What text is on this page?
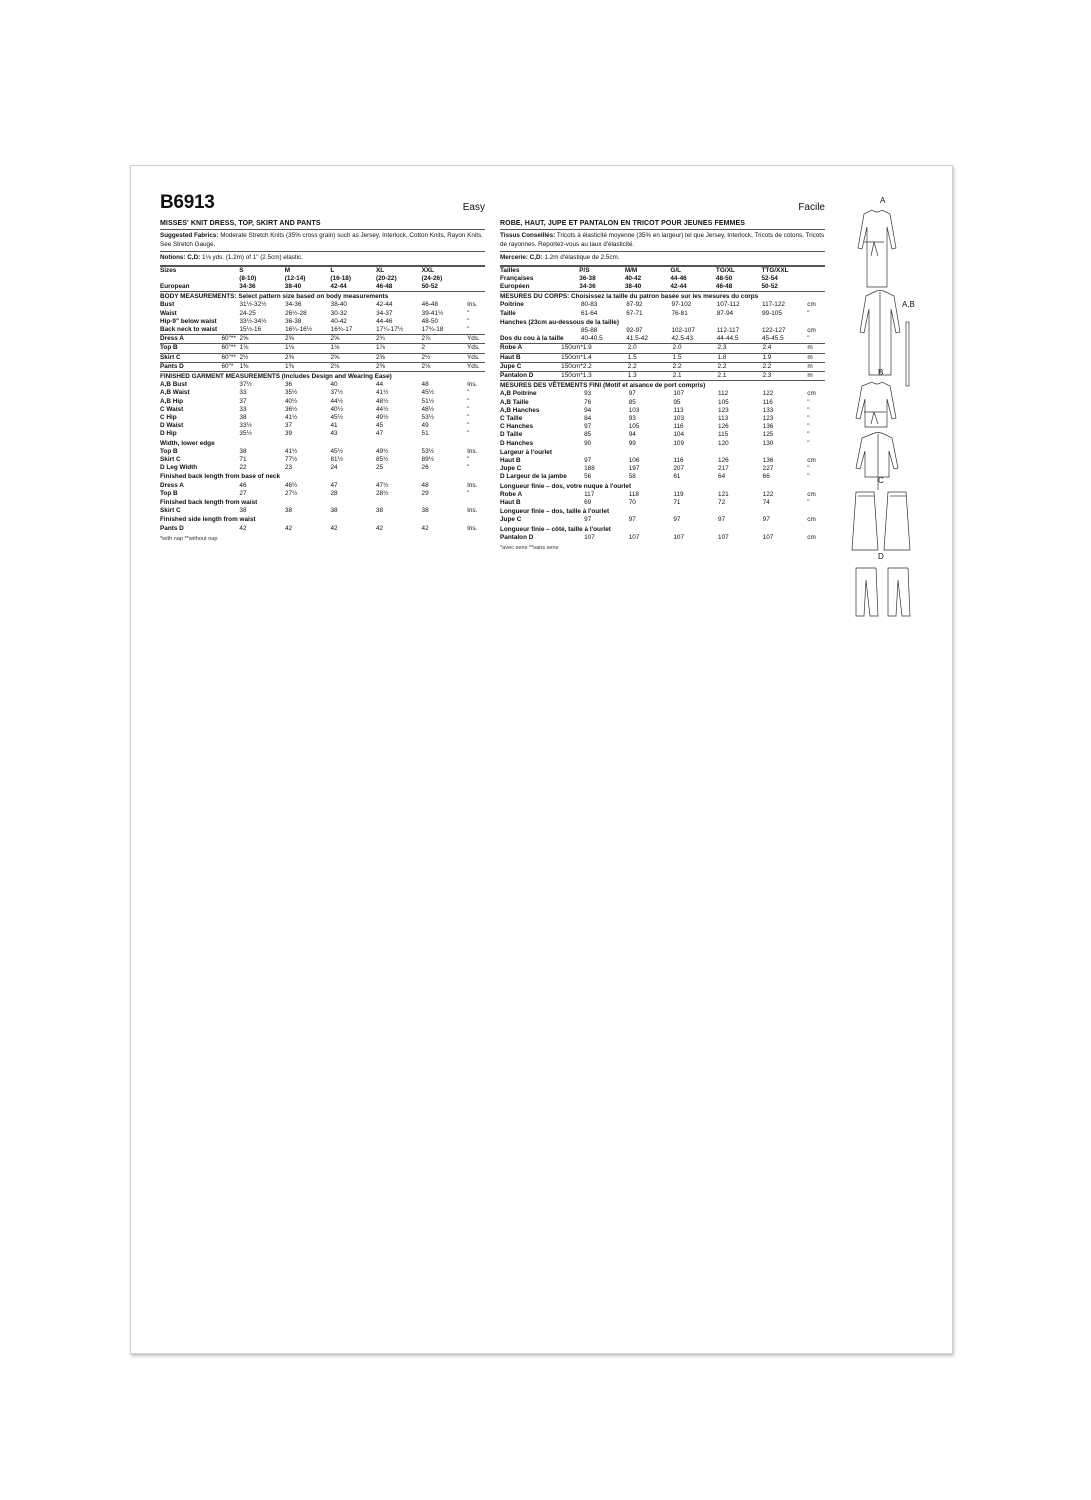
B6913	Easy
MISSES' KNIT DRESS, TOP, SKIRT AND PANTS
Suggested Fabrics: Moderate Stretch Knits (35% cross grain) such as Jersey, Interlock, Cotton Knits, Rayon Knits. See Stretch Gauge.
Notions: C,D: 1⅛ yds. (1.2m) of 1" (2.5cm) elastic.
Sizes		S	M	L	XL	XXL	
		(8-10)	(12-14)	(16-18)	(20-22)	(24-26)	
European		34-36	38-40	42-44	46-48	50-52	
BODY MEASUREMENTS: Select pattern size based on body measurements							
Bust		31½-32½	34-36	38-40	42-44	46-48	Ins.
Waist		24-25	26½-28	30-32	34-37	39-41½	"
Hip-9" below waist		33½-34½	36-38	40-42	44-46	48-50	"
Back neck to waist		15½-16	16¼-16½	16¾-17	17¼-17½	17¾-18	"
Dress A	60"**	2⅝	2⅝	2⅝	2¾	2⅞	Yds.
Top B	60"**	1⅛	1⅛	1⅛	1⅞	2	Yds.
Skirt C	60"**	2½	2⅝	2⅝	2⅝	2½	Yds.
Pants D	60"*	1⅜	1⅜	2⅛	2⅜	2⅛	Yds.
FINISHED GARMENT MEASUREMENTS (Includes Design and Wearing Ease)							
A,B Bust		37½	36	40	44	48	Ins.
A,B Waist		33	35½	37½	41½	45½	"
A,B Hip		37	40½	44½	48½	51½	"
C Waist		33	36½	40½	44½	48½	"
C Hip		38	41½	45½	49½	53½	"
D Waist		33½	37	41	45	49	"
D Hip		35½	39	43	47	51	"
Width, lower edge							
Top B		38	41½	45½	49½	53½	Ins.
Skirt C		71	77½	81½	85½	89½	"
D Leg Width		22	23	24	25	26	"
Finished back length from base of neck							
Dress A		46	46½	47	47½	48	Ins.
Top B		27	27½	28	28½	29	"
Finished back length from waist							
Skirt C		38	38	38	38	38	Ins.
Finished side length from waist							
Pants D		42	42	42	42	42	Ins.
*with nap **without nap
Facile
ROBE, HAUT, JUPE ET PANTALON EN TRICOT POUR JEUNES FEMMES
Tissus Conseillés: Tricots à élasticité moyenne (35% en largeur) tel que Jersey, Interlock, Tricots de cotons, Tricots de rayonnes. Reportez-vous au taux d'élasticité.
Mercerie: C,D: 1.2m d'élastique de 2.5cm.
Tailles		P/S	M/M	G/L	TG/XL	TTG/XXL	
Françaises		36-38	40-42	44-46	48-50	52-54	
Européen		34-36	38-40	42-44	46-48	50-52	
MESURES DU CORPS: Choisissez la taille du patron basée sur les mesures du corps							
Poitrine		80-83	87-92	97-102	107-112	117-122	cm
Taille		61-64	67-71	76-81	87-94	99-105	"
Hanches (23cm au-dessous de la taille)							
		85-88	92-97	102-107	112-117	122-127	cm
Dos du cou à la taille		40-40.5	41.5-42	42.5-43	44-44.5	45-45.5	"
Robe A	150cm*	1.9	2.0	2.0	2.3	2.4	m
Haut B	150cm*	1.4	1.5	1.5	1.8	1.9	m
Jupe C	150cm*	2.2	2.2	2.2	2.2	2.2	m
Pantalon D	150cm*	1.3	1.3	2.1	2.1	2.3	m
MESURES DES VÊTEMENTS FINI (Motif et aisance de port compris)							
A,B Poitrine		93	97	107	112	122	cm
A,B Taille		76	85	95	105	116	"
A,B Hanches		94	103	113	123	133	"
C Taille		84	93	103	113	123	"
C Hanches		97	105	116	126	136	"
D Taille		85	94	104	115	125	"
D Hanches		90	99	109	120	130	"
Largeur à l'ourlet							
Haut B		97	106	116	126	136	cm
Jupe C		188	197	207	217	227	"
D Largeur de la jambe		56	58	61	64	66	"
Longueur finie – dos, votre nuque à l'ourlet							
Robe A		117	118	119	121	122	cm
Haut B		69	70	71	72	74	"
Longueur finie – dos, taille à l'ourlet							
Jupe C		97	97	97	97	97	cm
Longueur finie – côté, taille à l'ourlet							
Pantalon D		107	107	107	107	107	cm
*avec sens **sans sens
A
A,B
B
C
D
